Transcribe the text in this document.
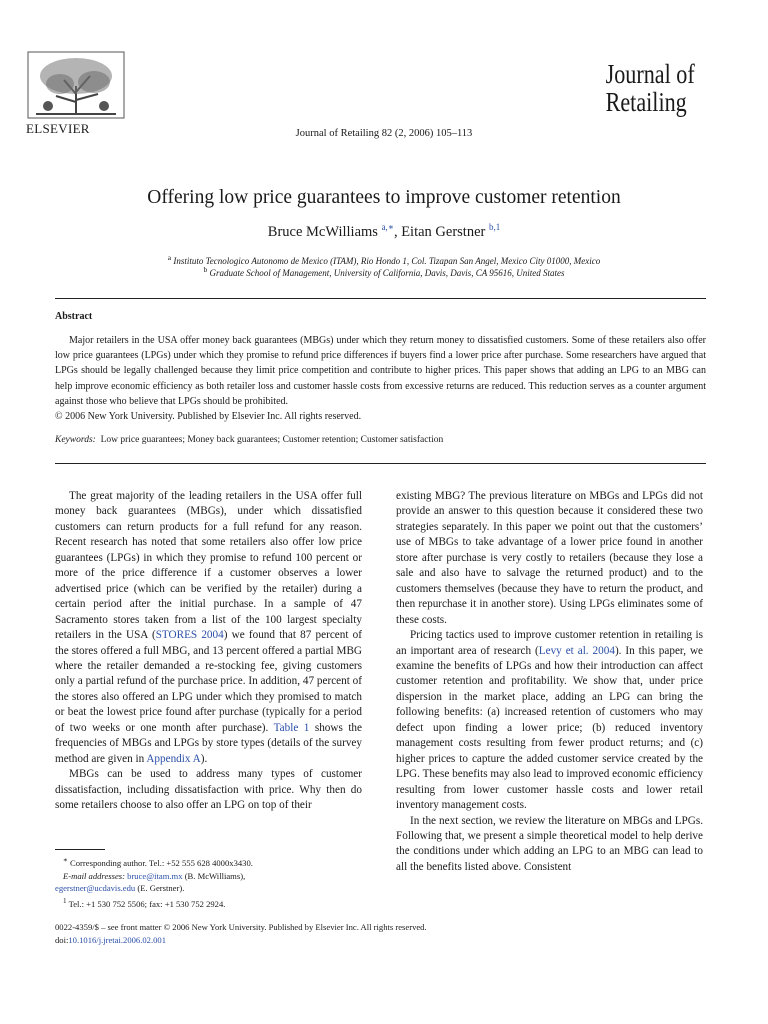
ELSEVIER	Journal of Retailing 82 (2, 2006) 105–113
Journal of
Retailing
Offering low price guarantees to improve customer retention
Bruce McWilliams $^{a,∗}$, Eitan Gerstner $^{b,1}$
$^a$ Instituto Tecnologico Autonomo de Mexico (ITAM), Rio Hondo 1, Col. Tizapan San Angel, Mexico City 01000, Mexico
$^b$ Graduate School of Management, University of California, Davis, Davis, CA 95616, United States
Abstract

Major retailers in the USA offer money back guarantees (MBGs) under which they return money to dissatisfied customers. Some of these retailers also offer low price guarantees (LPGs) under which they promise to refund price differences if buyers find a lower price after purchase. Some researchers have argued that LPGs should be legally challenged because they limit price competition and contribute to higher prices. This paper shows that adding an LPG to an MBG can help improve economic efficiency as both retailer loss and customer hassle costs from excessive returns are reduced. This reduction serves as a counter argument against those who believe that LPGs should be prohibited.

© 2006 New York University. Published by Elsevier Inc. All rights reserved.

Keywords: Low price guarantees; Money back guarantees; Customer retention; Customer satisfaction

The great majority of the leading retailers in the USA offer full money back guarantees (MBGs), under which dissatisfied customers can return products for a full refund for any reason. Recent research has noted that some retailers also offer low price guarantees (LPGs) in which they promise to refund 100 percent or more of the price difference if a customer observes a lower advertised price (which can be verified by the retailer) during a certain period after the initial purchase. In a sample of 47 Sacramento stores taken from a list of the 100 largest specialty retailers in the USA (STORES 2004) we found that 87 percent of the stores offered a full MBG, and 13 percent offered a partial MBG where the retailer demanded a re-stocking fee, giving customers only a partial refund of the purchase price. In addition, 47 percent of the stores also offered an LPG under which they promised to match or beat the lowest price found after purchase (typically for a period of two weeks or one month after purchase). Table 1 shows the frequencies of MBGs and LPGs by store types (details of the survey method are given in Appendix A).

MBGs can be used to address many types of customer dissatisfaction, including dissatisfaction with price. Why then do some retailers choose to also offer an LPG on top of their

existing MBG? The previous literature on MBGs and LPGs did not provide an answer to this question because it considered these two strategies separately. In this paper we point out that the customers’ use of MBGs to take advantage of a lower price found in another store after purchase is very costly to retailers (because they lose a sale and also have to salvage the returned product) and to the customers themselves (because they have to return the product, and then repurchase it in another store). Using LPGs eliminates some of these costs.

Pricing tactics used to improve customer retention in retailing is an important area of research (Levy et al. 2004). In this paper, we examine the benefits of LPGs and how their introduction can affect customer retention and profitability. We show that, under price dispersion in the market place, adding an LPG can bring the following benefits: (a) increased retention of customers who may defect upon finding a lower price; (b) reduced inventory management costs resulting from fewer product returns; and (c) higher prices to capture the added customer service created by the LPG. These benefits may also lead to improved economic efficiency resulting from lower customer hassle costs and lower retail inventory management costs.

In the next section, we review the literature on MBGs and LPGs. Following that, we present a simple theoretical model to help derive the conditions under which adding an LPG to an MBG can lead to all the benefits listed above. Consistent

∗ Corresponding author. Tel.: +52 555 628 4000x3430.
E-mail addresses: bruce@itam.mx (B. McWilliams),
egerstner@ucdavis.edu (E. Gerstner).
$^1$ Tel.: +1 530 752 5506; fax: +1 530 752 2924.
0022-4359/$ – see front matter © 2006 New York University. Published by Elsevier Inc. All rights reserved.
doi:10.1016/j.jretai.2006.02.001
